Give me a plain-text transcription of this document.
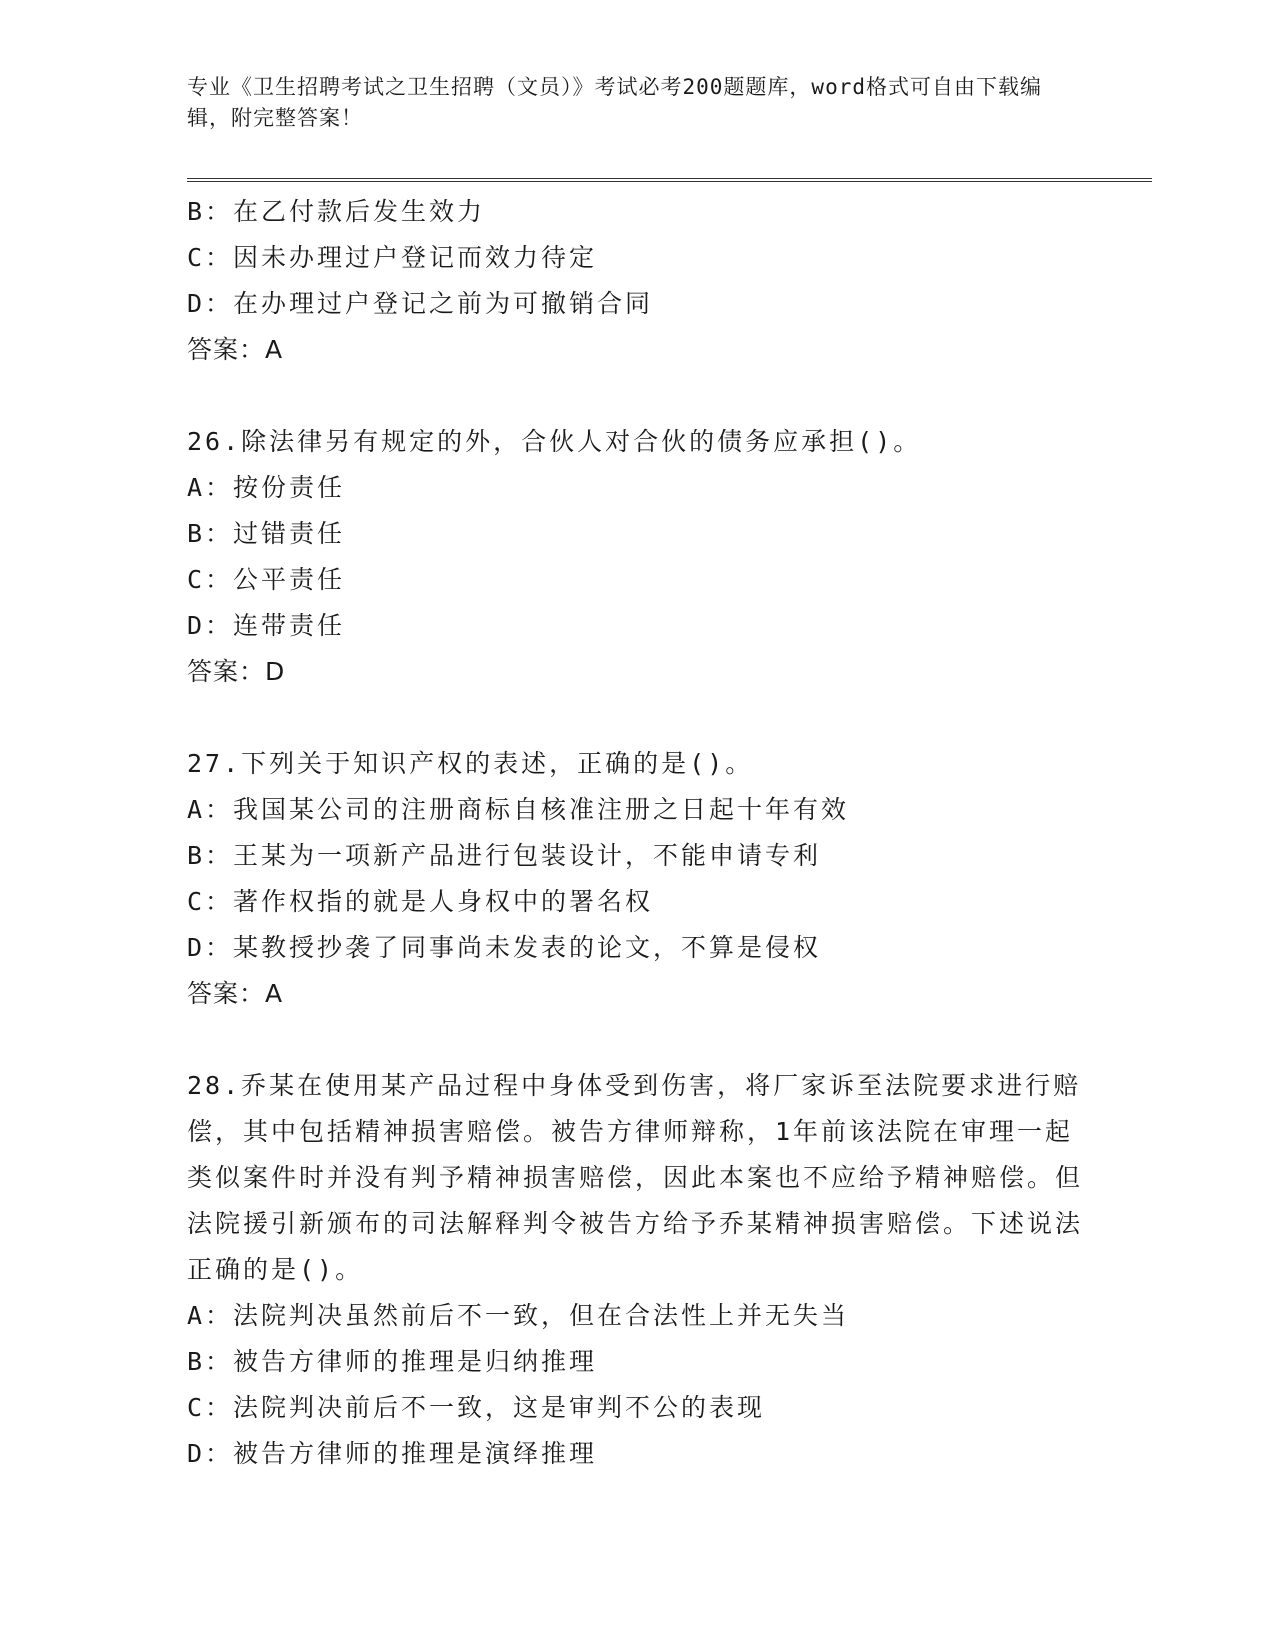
专业《卫生招聘考试之卫生招聘（文员）》考试必考200题题库，word格式可自由下载编辑，附完整答案！
B：在乙付款后发生效力
C：因未办理过户登记而效力待定
D：在办理过户登记之前为可撤销合同
答案：A
26.除法律另有规定的外，合伙人对合伙的债务应承担()。
A：按份责任
B：过错责任
C：公平责任
D：连带责任
答案：D
27.下列关于知识产权的表述，正确的是()。
A：我国某公司的注册商标自核准注册之日起十年有效
B：王某为一项新产品进行包装设计，不能申请专利
C：著作权指的就是人身权中的署名权
D：某教授抄袭了同事尚未发表的论文，不算是侵权
答案：A
28.乔某在使用某产品过程中身体受到伤害，将厂家诉至法院要求进行赔偿，其中包括精神损害赔偿。被告方律师辩称，1年前该法院在审理一起类似案件时并没有判予精神损害赔偿，因此本案也不应给予精神赔偿。但法院援引新颁布的司法解释判令被告方给予乔某精神损害赔偿。下述说法正确的是()。
A：法院判决虽然前后不一致，但在合法性上并无失当
B：被告方律师的推理是归纳推理
C：法院判决前后不一致，这是审判不公的表现
D：被告方律师的推理是演绎推理
